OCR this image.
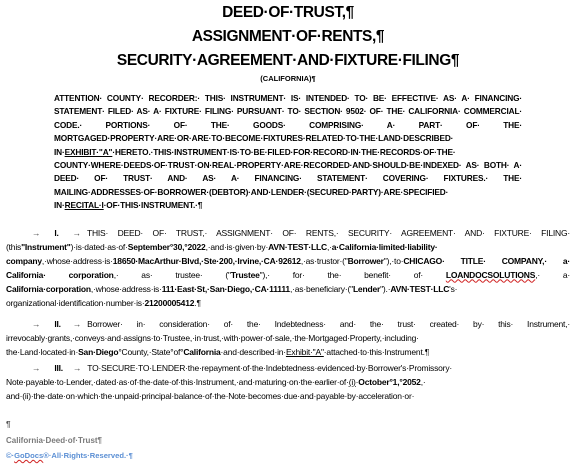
DEED·OF·TRUST,¶
ASSIGNMENT·OF·RENTS,¶
SECURITY·AGREEMENT·AND·FIXTURE·FILING¶
(CALIFORNIA)¶
ATTENTION· COUNTY· RECORDER:· THIS· INSTRUMENT· IS· INTENDED· TO· BE· EFFECTIVE· AS· A· FINANCING· STATEMENT· FILED· AS· A· FIXTURE· FILING· PURSUANT· TO· SECTION· 9502· OF· THE· CALIFORNIA· COMMERCIAL· CODE.· PORTIONS· OF· THE· GOODS· COMPRISING· A· PART· OF· THE· MORTGAGED·PROPERTY·ARE·OR·ARE·TO·BECOME·FIXTURES·RELATED·TO·THE·LAND·DESCRIBED· IN·EXHIBIT·"A"·HERETO.·THIS·INSTRUMENT·IS·TO·BE·FILED·FOR·RECORD·IN·THE·RECORDS·OF·THE· COUNTY·WHERE·DEEDS·OF·TRUST·ON·REAL·PROPERTY·ARE·RECORDED·AND·SHOULD·BE·INDEXED· AS· BOTH· A· DEED· OF· TRUST· AND· AS· A· FINANCING· STATEMENT· COVERING· FIXTURES.· THE· MAILING·ADDRESSES·OF·BORROWER·(DEBTOR)·AND·LENDER·(SECURED·PARTY)·ARE·SPECIFIED· IN·RECITAL·I·OF·THIS·INSTRUMENT.·¶
→ I. → THIS· DEED· OF· TRUST,· ASSIGNMENT· OF· RENTS,· SECURITY· AGREEMENT· AND· FIXTURE· FILING· (this"Instrument")·is·dated·as·of·September°30,°2022,·and·is·given·by·AVN·TEST·LLC,·a·California·limited·liability· company,·whose·address·is·18650·MacArthur·Blvd,·Ste·200,·Irvine,·CA·92612,·as·trustor·("Borrower"),·to·CHICAGO· TITLE· COMPANY,· a· California· corporation,· as· trustee· ("Trustee"),· for· the· benefit· of· LOANDOCSOLUTIONS,· a· California·corporation,·whose·address·is·111·East·St,·San·Diego,·CA·11111,·as·beneficiary·("Lender").·AVN·TEST·LLC's· organizational·identification·number·is·21200005412.¶
→ II. → Borrower· in· consideration· of· the· Indebtedness· and· the· trust· created· by· this· Instrument,· irrevocably·grants,·conveys·and·assigns·to·Trustee,·in·trust,·with·power·of·sale,·the·Mortgaged·Property,·including· the·Land·located·in·San·Diego°County,·State°of°California·and·described·in·Exhibit·"A"·attached·to·this·Instrument.¶
→ III. → TO·SECURE·TO·LENDER·the·repayment·of·the·Indebtedness·evidenced·by·Borrower's·Promissory· Note·payable·to·Lender,·dated·as·of·the·date·of·this·Instrument,·and·maturing·on·the·earlier·of·(i)·October°1,°2052,· and·(ii)·the·date·on·which·the·unpaid·principal·balance·of·the·Note·becomes·due·and·payable·by·acceleration·or·
¶
California·Deed·of·Trust¶
©·GoDocs®·All·Rights·Reserved.·¶
